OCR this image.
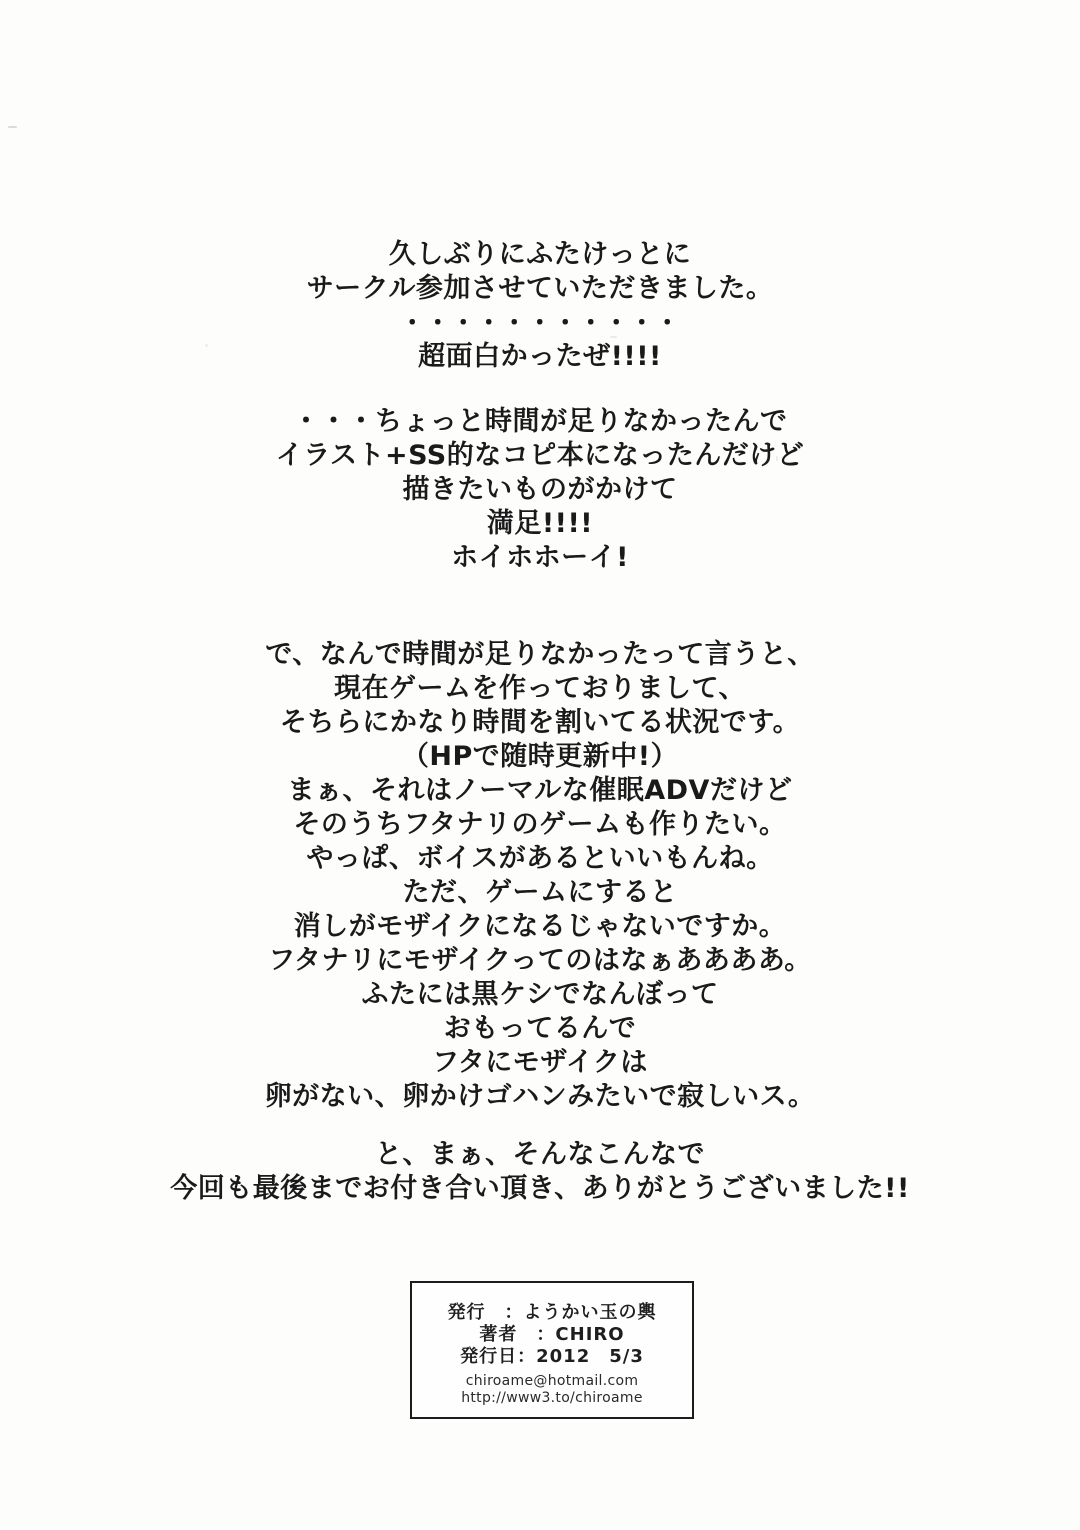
久しぶりにふたけっとに

サークル参加させていただきました。

・・・・・・・・・・・

超面白かったぜ!!!!

・・・ちょっと時間が足りなかったんで

イラスト+SS的なコピ本になったんだけど

描きたいものがかけて

満足!!!!

ホイホホーイ!

で、なんで時間が足りなかったって言うと、

現在ゲームを作っておりまして、

そちらにかなり時間を割いてる状況です。

（HPで随時更新中!）

まぁ、それはノーマルな催眠ADVだけど

そのうちフタナリのゲームも作りたい。

やっぱ、ボイスがあるといいもんね。

ただ、ゲームにすると

消しがモザイクになるじゃないですか。

フタナリにモザイクってのはなぁああああ。

ふたには黒ケシでなんぼって

おもってるんで

フタにモザイクは

卵がない、卵かけゴハンみたいで寂しいス。

と、まぁ、そんなこんなで

今回も最後までお付き合い頂き、ありがとうございました!!

発行　：ようかい玉の輿

著者　：CHIRO

発行日：2012　5/3

chiroame@hotmail.com

http://www3.to/chiroame
